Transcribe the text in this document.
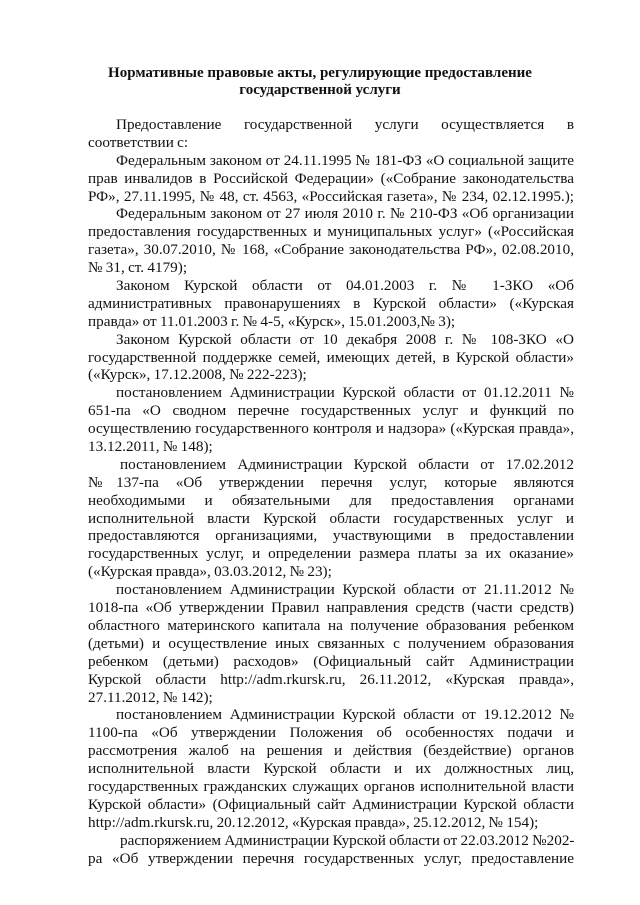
Нормативные правовые акты, регулирующие предоставление
государственной услуги
Предоставление государственной услуги осуществляется в
соответствии с:
Федеральным законом от 24.11.1995 № 181-ФЗ «О социальной защите
прав инвалидов в Российской Федерации» («Собрание законодательства
РФ», 27.11.1995, № 48, ст. 4563, «Российская газета», № 234, 02.12.1995.);
Федеральным законом от 27 июля 2010 г. № 210-ФЗ «Об организации
предоставления государственных и муниципальных услуг» («Российская
газета», 30.07.2010, № 168, «Собрание законодательства РФ», 02.08.2010,
№ 31, ст. 4179);
Законом Курской области от 04.01.2003 г. № 1-ЗКО «Об
административных правонарушениях в Курской области» («Курская
правда» от 11.01.2003 г. № 4-5, «Курск», 15.01.2003,№ 3);
Законом Курской области от 10 декабря 2008 г. № 108-ЗКО «О
государственной поддержке семей, имеющих детей, в Курской области»
(«Курск», 17.12.2008, № 222-223);
постановлением Администрации Курской области от 01.12.2011 №
651-па «О сводном перечне государственных услуг и функций по
осуществлению государственного контроля и надзора» («Курская правда»,
13.12.2011, № 148);
постановлением Администрации Курской области от 17.02.2012
№137-па «Об утверждении перечня услуг, которые являются
необходимыми и обязательными для предоставления органами
исполнительной власти Курской области государственных услуг и
предоставляются организациями, участвующими в предоставлении
государственных услуг, и определении размера платы за их оказание»
(«Курская правда», 03.03.2012, № 23);
постановлением Администрации Курской области от 21.11.2012 №
1018-па «Об утверждении Правил направления средств (части средств)
областного материнского капитала на получение образования ребенком
(детьми) и осуществление иных связанных с получением образования
ребенком (детьми) расходов» (Официальный сайт Администрации
Курской области http://adm.rkursk.ru, 26.11.2012, «Курская правда»,
27.11.2012, № 142);
постановлением Администрации Курской области от 19.12.2012 №
1100-па «Об утверждении Положения об особенностях подачи и
рассмотрения жалоб на решения и действия (бездействие) органов
исполнительной власти Курской области и их должностных лиц,
государственных гражданских служащих органов исполнительной власти
Курской области» (Официальный сайт Администрации Курской области
http://adm.rkursk.ru, 20.12.2012, «Курская правда», 25.12.2012, № 154);
распоряжением Администрации Курской области от 22.03.2012 №202-
ра «Об утверждении перечня государственных услуг, предоставление
